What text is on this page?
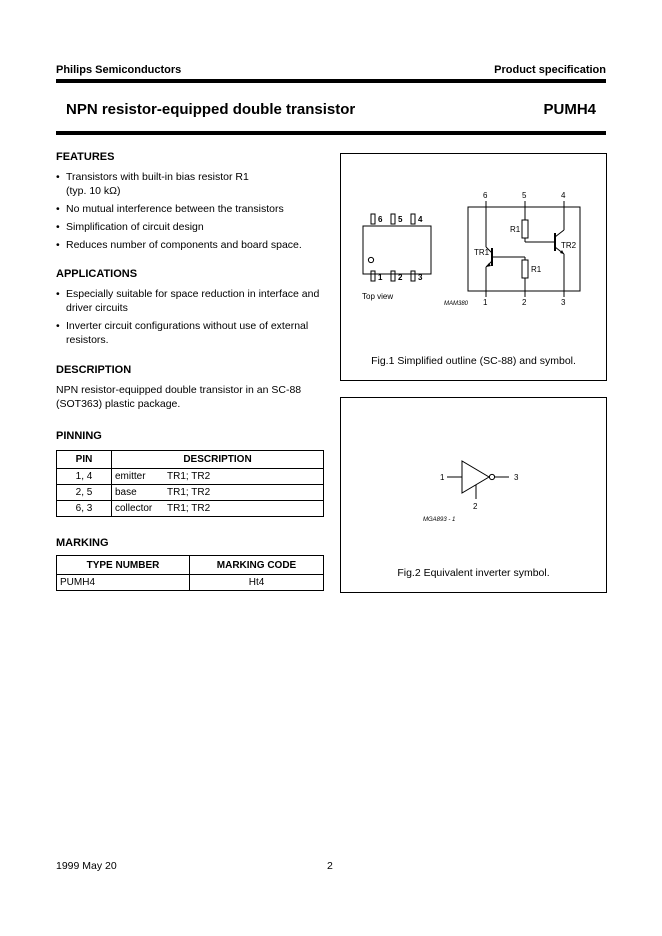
Philips Semiconductors	Product specification
NPN resistor-equipped double transistor	PUMH4
FEATURES
• Transistors with built-in bias resistor R1 (typ. 10 kΩ)
• No mutual interference between the transistors
• Simplification of circuit design
• Reduces number of components and board space.
APPLICATIONS
• Especially suitable for space reduction in interface and driver circuits
• Inverter circuit configurations without use of external resistors.
DESCRIPTION
NPN resistor-equipped double transistor in an SC-88 (SOT363) plastic package.
PINNING
PIN	DESCRIPTION	
1, 4	emitter	TR1; TR2
2, 5	base	TR1; TR2
6, 3	collector	TR1; TR2
MARKING
TYPE NUMBER	MARKING CODE
PUMH4	Ht4
6 5 4
1 2 3
Top view
MAM380
6	5	4
1	2	3
TR1
TR2
R1
R1
Fig.1 Simplified outline (SC-88) and symbol.
1	3
2
MGA893 - 1
Fig.2 Equivalent inverter symbol.
1999 May 20	2
